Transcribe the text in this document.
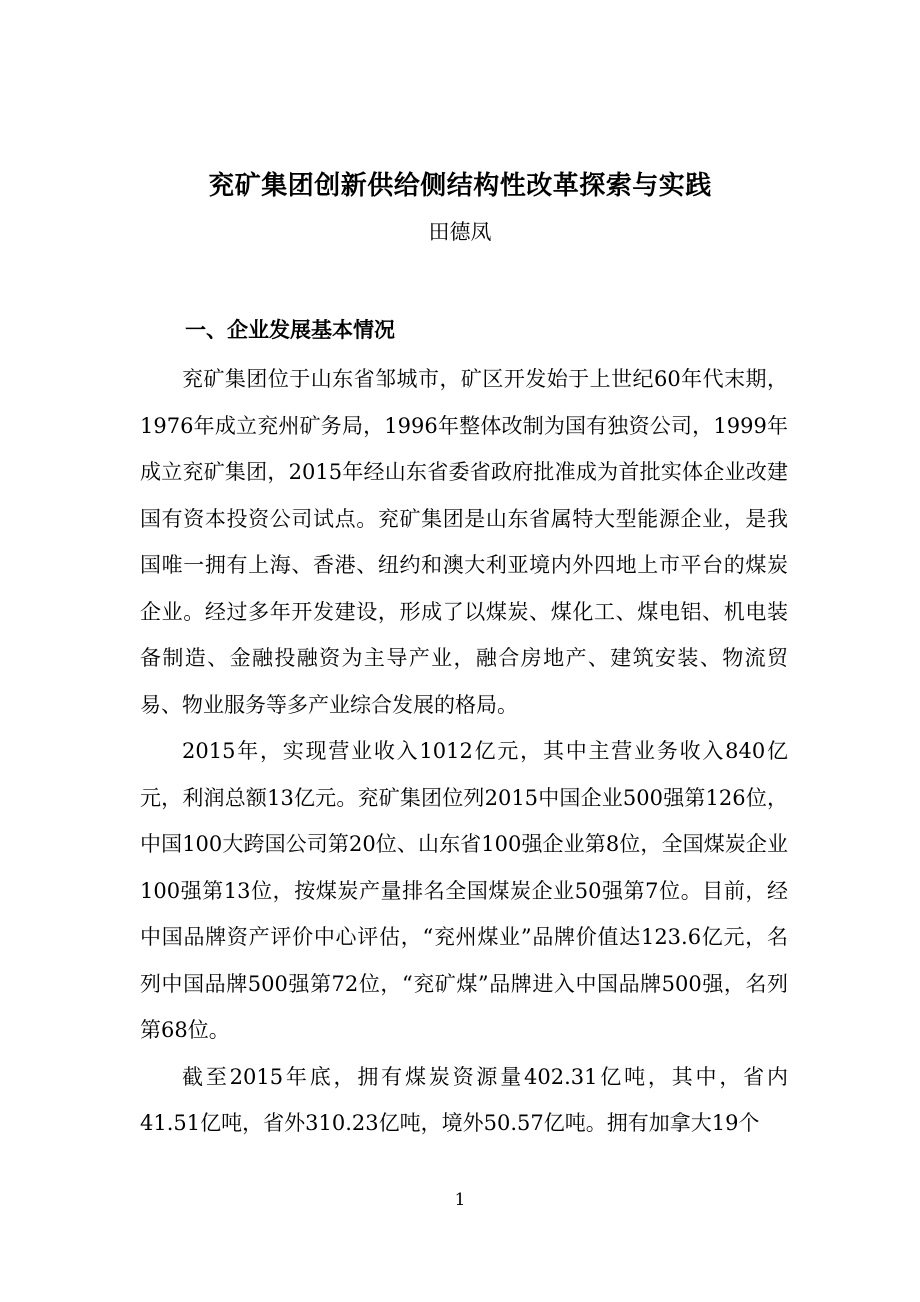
兖矿集团创新供给侧结构性改革探索与实践
田德凤
一、企业发展基本情况

兖矿集团位于山东省邹城市，矿区开发始于上世纪60年代末期，1976年成立兖州矿务局，1996年整体改制为国有独资公司，1999年成立兖矿集团，2015年经山东省委省政府批准成为首批实体企业改建国有资本投资公司试点。兖矿集团是山东省属特大型能源企业，是我国唯一拥有上海、香港、纽约和澳大利亚境内外四地上市平台的煤炭企业。经过多年开发建设，形成了以煤炭、煤化工、煤电铝、机电装备制造、金融投融资为主导产业，融合房地产、建筑安装、物流贸易、物业服务等多产业综合发展的格局。

2015年，实现营业收入1012亿元，其中主营业务收入840亿元，利润总额13亿元。兖矿集团位列2015中国企业500强第126位，中国100大跨国公司第20位、山东省100强企业第8位，全国煤炭企业100强第13位，按煤炭产量排名全国煤炭企业50强第7位。目前，经中国品牌资产评价中心评估，“兖州煤业”品牌价值达123.6亿元，名列中国品牌500强第72位，“兖矿煤”品牌进入中国品牌500强，名列第68位。

截至2015年底，拥有煤炭资源量402.31亿吨，其中，省内41.51亿吨，省外310.23亿吨，境外50.57亿吨。拥有加拿大19个

1
